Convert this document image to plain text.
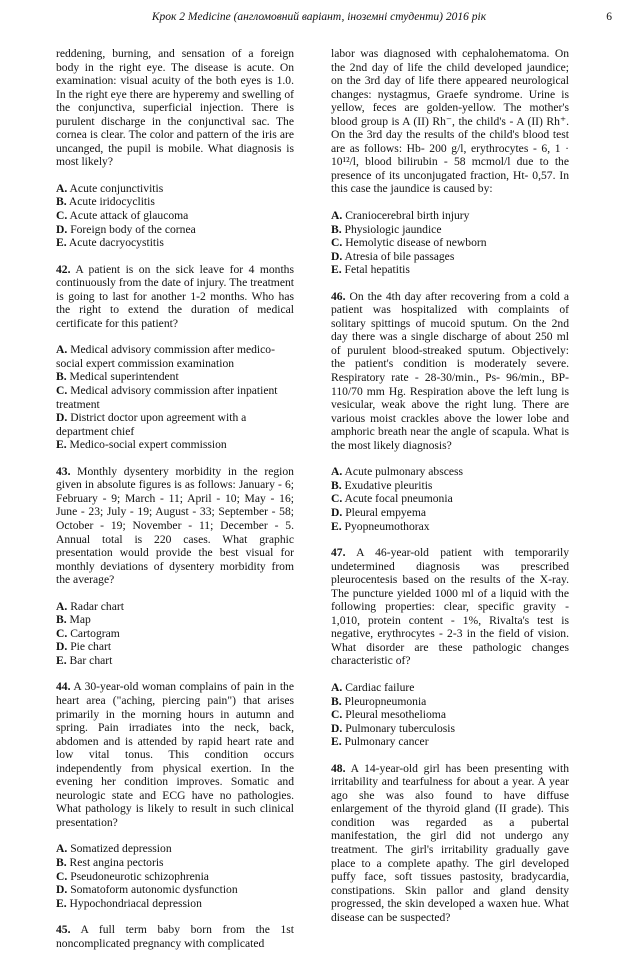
Крок 2 Medicine (англомовний варіант, іноземні студенти) 2016 рік	6

reddening, burning, and sensation of a foreign body in the right eye. The disease is acute. On examination: visual acuity of the both eyes is 1.0. In the right eye there are hyperemy and swelling of the conjunctiva, superficial injection. There is purulent discharge in the conjunctival sac. The cornea is clear. The color and pattern of the iris are uncanged, the pupil is mobile. What diagnosis is most likely?

A. Acute conjunctivitis
B. Acute iridocyclitis
C. Acute attack of glaucoma
D. Foreign body of the cornea
E. Acute dacryocystitis

42. A patient is on the sick leave for 4 months continuously from the date of injury. The treatment is going to last for another 1-2 months. Who has the right to extend the duration of medical certificate for this patient?

A. Medical advisory commission after medico-social expert commission examination
B. Medical superintendent
C. Medical advisory commission after inpatient treatment
D. District doctor upon agreement with a department chief
E. Medico-social expert commission

43. Monthly dysentery morbidity in the region given in absolute figures is as follows: January - 6; February - 9; March - 11; April - 10; May - 16; June - 23; July - 19; August - 33; September - 58; October - 19; November - 11; December - 5. Annual total is 220 cases. What graphic presentation would provide the best visual for monthly deviations of dysentery morbidity from the average?

A. Radar chart
B. Map
C. Cartogram
D. Pie chart
E. Bar chart

44. A 30-year-old woman complains of pain in the heart area ("aching, piercing pain") that arises primarily in the morning hours in autumn and spring. Pain irradiates into the neck, back, abdomen and is attended by rapid heart rate and low vital tonus. This condition occurs independently from physical exertion. In the evening her condition improves. Somatic and neurologic state and ECG have no pathologies. What pathology is likely to result in such clinical presentation?

A. Somatized depression
B. Rest angina pectoris
C. Pseudoneurotic schizophrenia
D. Somatoform autonomic dysfunction
E. Hypochondriacal depression

45. A full term baby born from the 1st noncomplicated pregnancy with complicated

labor was diagnosed with cephalohematoma. On the 2nd day of life the child developed jaundice; on the 3rd day of life there appeared neurological changes: nystagmus, Graefe syndrome. Urine is yellow, feces are golden-yellow. The mother's blood group is A (II) Rh⁻, the child's - A (II) Rh⁺. On the 3rd day the results of the child's blood test are as follows: Hb- 200 g/l, erythrocytes - 6, 1 · 10¹²/l, blood bilirubin - 58 mcmol/l due to the presence of its unconjugated fraction, Ht- 0,57. In this case the jaundice is caused by:

A. Craniocerebral birth injury
B. Physiologic jaundice
C. Hemolytic disease of newborn
D. Atresia of bile passages
E. Fetal hepatitis

46. On the 4th day after recovering from a cold a patient was hospitalized with complaints of solitary spittings of mucoid sputum. On the 2nd day there was a single discharge of about 250 ml of purulent blood-streaked sputum. Objectively: the patient's condition is moderately severe. Respiratory rate - 28-30/min., Ps- 96/min., BP- 110/70 mm Hg. Respiration above the left lung is vesicular, weak above the right lung. There are various moist crackles above the lower lobe and amphoric breath near the angle of scapula. What is the most likely diagnosis?

A. Acute pulmonary abscess
B. Exudative pleuritis
C. Acute focal pneumonia
D. Pleural empyema
E. Pyopneumothorax

47. A 46-year-old patient with temporarily undetermined diagnosis was prescribed pleurocentesis based on the results of the X-ray. The puncture yielded 1000 ml of a liquid with the following properties: clear, specific gravity - 1,010, protein content - 1%, Rivalta's test is negative, erythrocytes - 2-3 in the field of vision. What disorder are these pathologic changes characteristic of?

A. Cardiac failure
B. Pleuropneumonia
C. Pleural mesothelioma
D. Pulmonary tuberculosis
E. Pulmonary cancer

48. A 14-year-old girl has been presenting with irritability and tearfulness for about a year. A year ago she was also found to have diffuse enlargement of the thyroid gland (II grade). This condition was regarded as a pubertal manifestation, the girl did not undergo any treatment. The girl's irritability gradually gave place to a complete apathy. The girl developed puffy face, soft tissues pastosity, bradycardia, constipations. Skin pallor and gland density progressed, the skin developed a waxen hue. What disease can be suspected?
